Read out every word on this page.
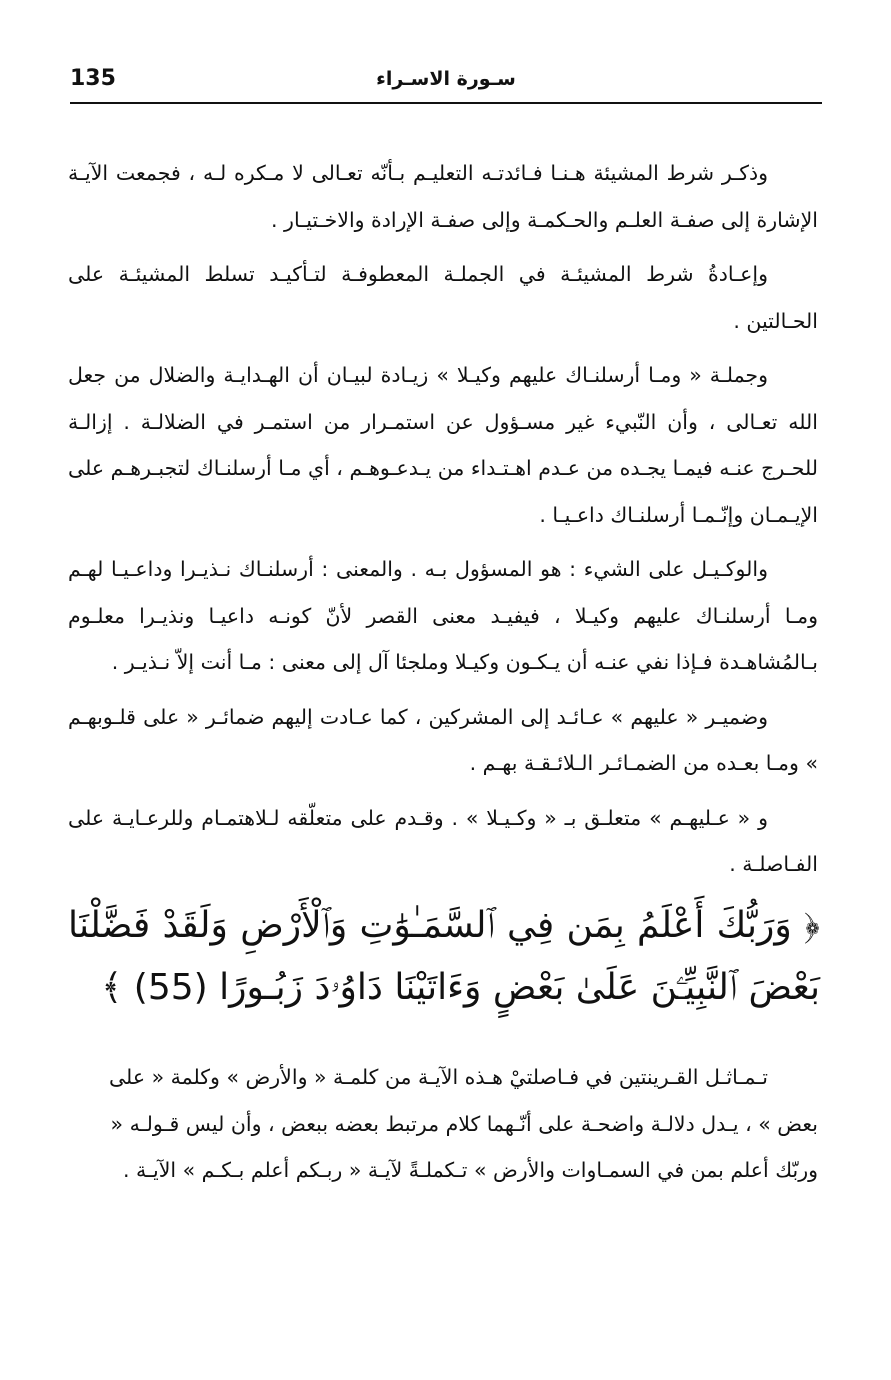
135	سـورة الاسـراء

وذكـر شرط المشيئة هـنـا فـائدتـه التعليـم بـأنّه تعـالى لا مـكره لـه ، فجمعت الآيـة الإشارة إلى صفـة العلـم والحـكمـة وإلى صفـة الإرادة والاخـتيـار .

وإعـادةُ شرط المشيئـة في الجملـة المعطوفـة لتـأكيـد تسلط المشيئـة على الحـالتين .

وجملـة « ومـا أرسلنـاك عليهم وكيـلا » زيـادة لبيـان أن الهـدايـة والضلال من جعل الله تعـالى ، وأن النّبيء غير مسـؤول عن استمـرار من استمـر في الضلالـة . إزالـة للحـرج عنـه فيمـا يجـده من عـدم اهـتـداء من يـدعـوهـم ، أي مـا أرسلنـاك لتجبـرهـم على الإيـمـان وإنّـمـا أرسلنـاك داعـيـا .

والوكـيـل على الشيء : هو المسؤول بـه . والمعنى : أرسلنـاك نـذيـرا وداعـيـا لهـم ومـا أرسلنـاك عليهم وكيـلا ، فيفيـد معنى القصر لأنّ كونـه داعيـا ونذيـرا معلـوم بـالمُشاهـدة فـإذا نفي عنـه أن يـكـون وكيـلا وملجئا آل إلى معنى : مـا أنت إلاّ نـذيـر .

وضميـر « عليهم » عـائـد إلى المشركين ، كما عـادت إليهم ضمائـر « على قلـوبهـم » ومـا بعـده من الضمـائـر الـلائـقـة بهـم .

و « عـليهـم » متعلـق بـ « وكـيـلا » . وقـدم على متعلّقه لـلاهتمـام وللرعـايـة على الفـاصلـة .

﴿ وَرَبُّكَ أَعْلَمُ بِمَن فِي ٱلسَّمَـٰوَٰتِ وَٱلْأَرْضِ وَلَقَدْ فَضَّلْنَا بَعْضَ ٱلنَّبِيِّـۧنَ عَلَىٰ بَعْضٍ وَءَاتَيْنَا دَاوُۥدَ زَبُـورًا (55) ﴾

تـمـاثـل القـرينتين في فـاصلتيْ هـذه الآيـة من كلمـة « والأرض » وكلمة « على بعض » ، يـدل دلالـة واضحـة على أنّـهما كلام مرتبط بعضه ببعض ، وأن ليس قـولـه « وربّك أعلم بمن في السمـاوات والأرض » تـكملـةً لآيـة « ربـكم أعلم بـكـم » الآيـة .
